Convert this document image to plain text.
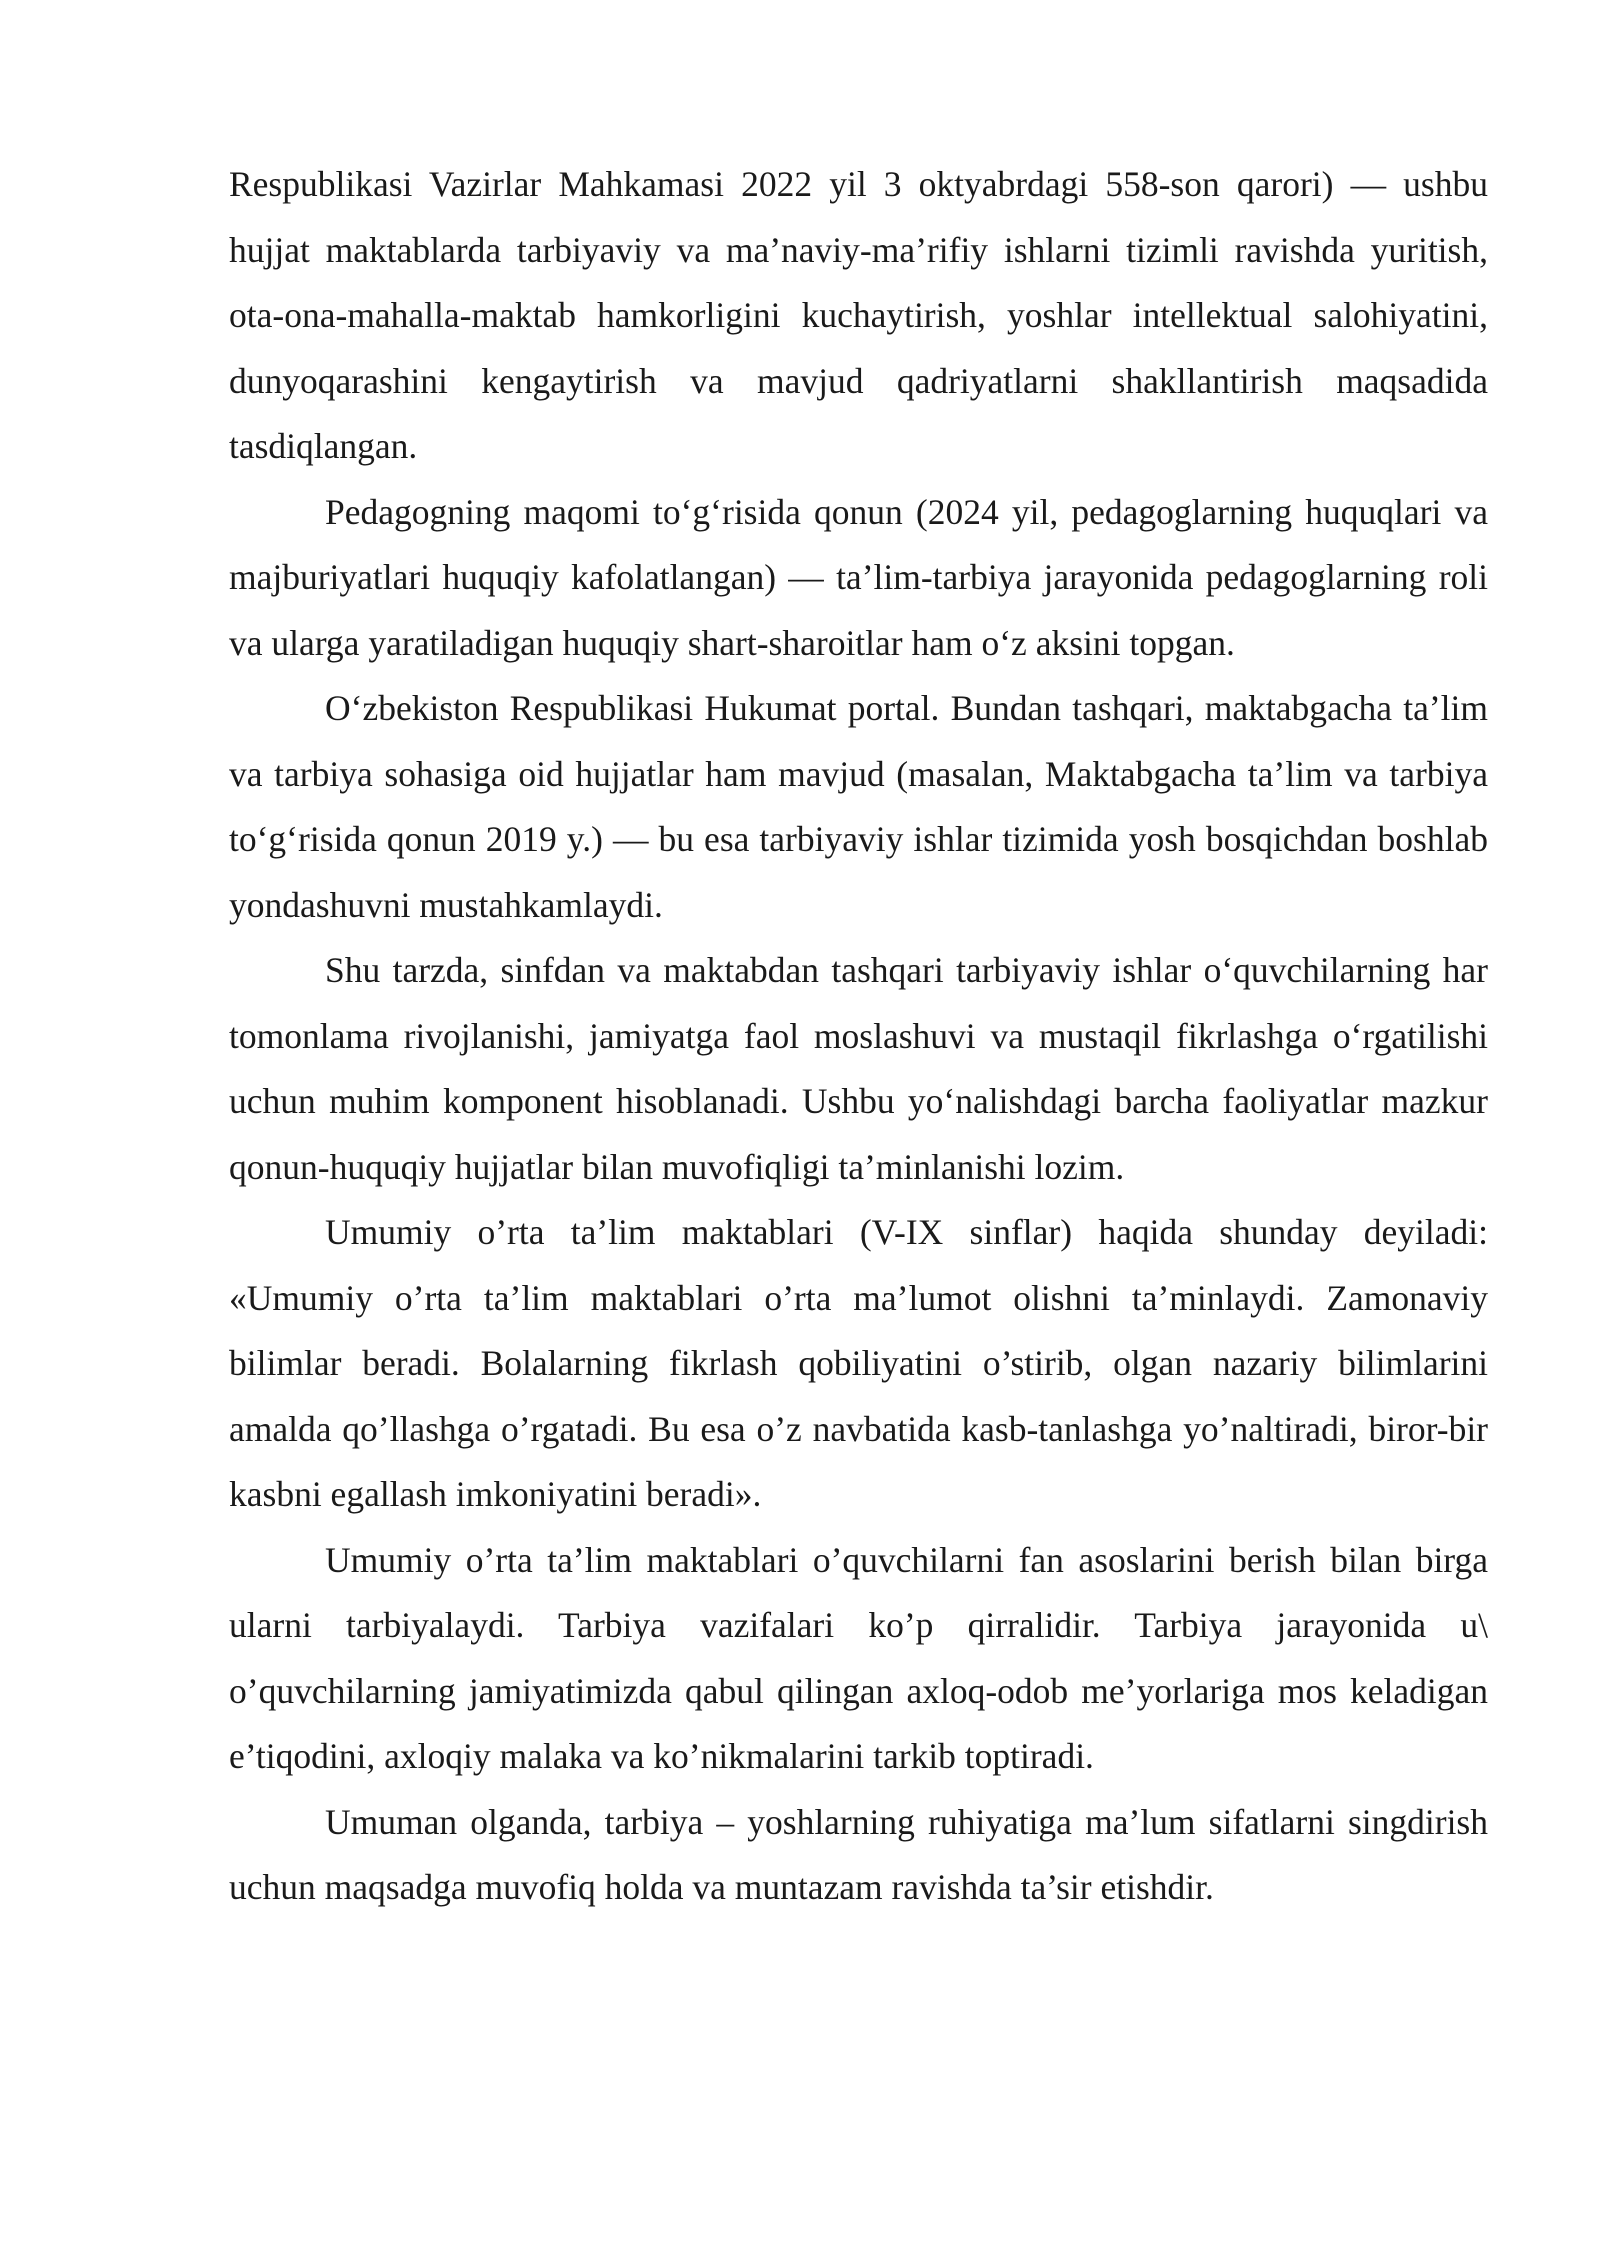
Respublikasi Vazirlar Mahkamasi 2022 yil 3 oktyabrdagi 558-son qarori) — ushbu hujjat maktablarda tarbiyaviy va ma’naviy-ma’rifiy ishlarni tizimli ravishda yuritish, ota-ona-mahalla-maktab hamkorligini kuchaytirish, yoshlar intellektual salohiyatini, dunyoqarashini kengaytirish va mavjud qadriyatlarni shakllantirish maqsadida tasdiqlangan.

Pedagogning maqomi to‘g‘risida qonun (2024 yil, pedagoglarning huquqlari va majburiyatlari huquqiy kafolatlangan) — ta’lim-tarbiya jarayonida pedagoglarning roli va ularga yaratiladigan huquqiy shart-sharoitlar ham o‘z aksini topgan.

O‘zbekiston Respublikasi Hukumat portal. Bundan tashqari, maktabgacha ta’lim va tarbiya sohasiga oid hujjatlar ham mavjud (masalan, Maktabgacha ta’lim va tarbiya to‘g‘risida qonun 2019 y.) — bu esa tarbiyaviy ishlar tizimida yosh bosqichdan boshlab yondashuvni mustahkamlaydi.

Shu tarzda, sinfdan va maktabdan tashqari tarbiyaviy ishlar o‘quvchilarning har tomonlama rivojlanishi, jamiyatga faol moslashuvi va mustaqil fikrlashga o‘rgatilishi uchun muhim komponent hisoblanadi. Ushbu yo‘nalishdagi barcha faoliyatlar mazkur qonun-huquqiy hujjatlar bilan muvofiqligi ta’minlanishi lozim.

Umumiy o’rta ta’lim maktablari (V-IX sinflar) haqida shunday deyiladi: «Umumiy o’rta ta’lim maktablari o’rta ma’lumot olishni ta’minlaydi. Zamonaviy bilimlar beradi. Bolalarning fikrlash qobiliyatini o’stirib, olgan nazariy bilimlarini amalda qo’llashga o’rgatadi. Bu esa o’z navbatida kasb-tanlashga yo’naltiradi, biror-bir kasbni egallash imkoniyatini beradi».

Umumiy o’rta ta’lim maktablari o’quvchilarni fan asoslarini berish bilan birga ularni tarbiyalaydi. Tarbiya vazifalari ko’p qirralidir. Tarbiya jarayonida u\ o’quvchilarning jamiyatimizda qabul qilingan axloq-odob me’yorlariga mos keladigan e’tiqodini, axloqiy malaka va ko’nikmalarini tarkib toptiradi.

Umuman olganda, tarbiya – yoshlarning ruhiyatiga ma’lum sifatlarni singdirish uchun maqsadga muvofiq holda va muntazam ravishda ta’sir etishdir.
